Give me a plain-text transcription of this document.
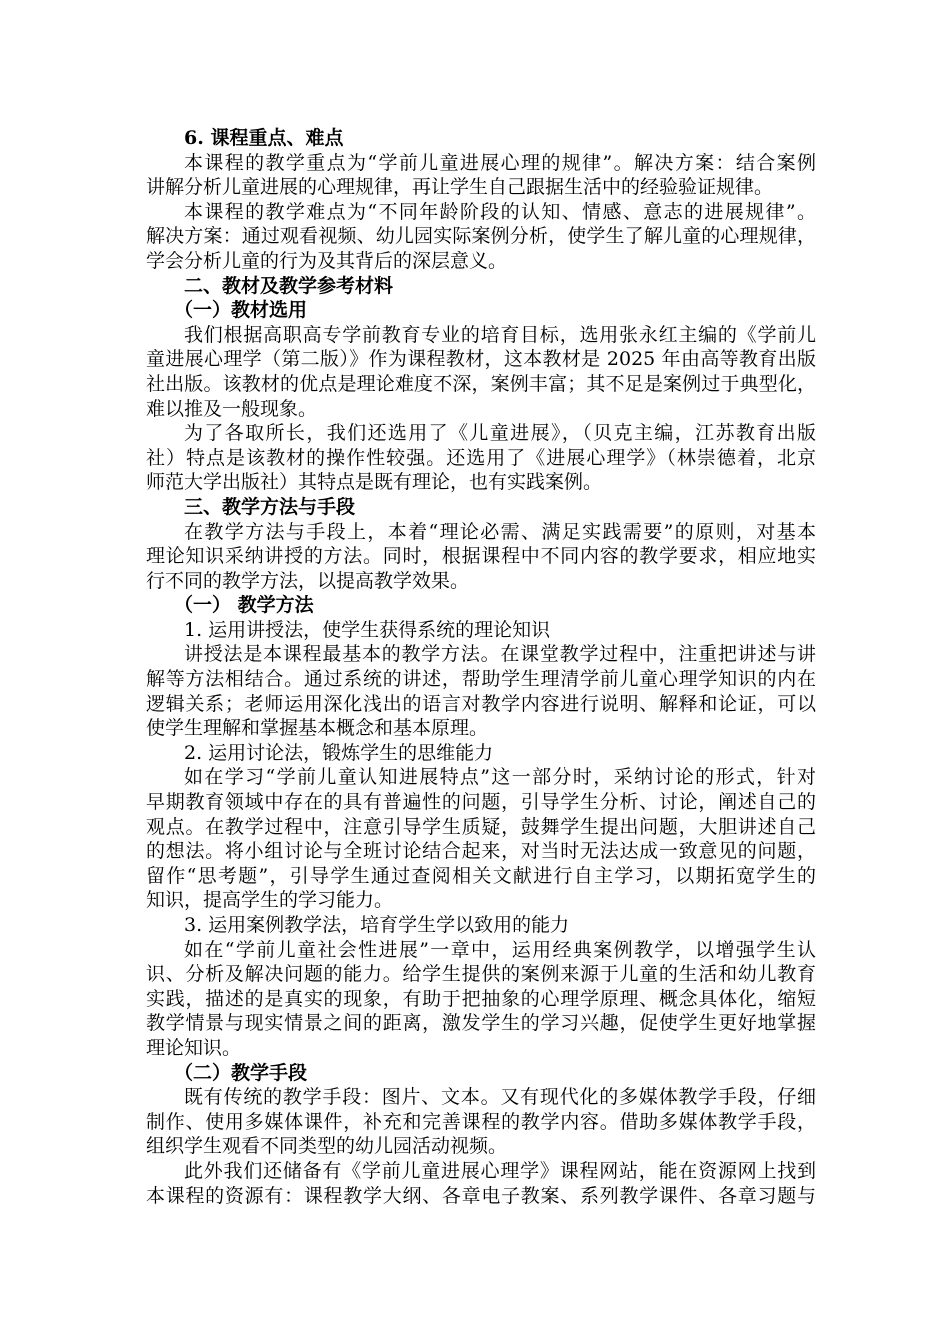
6. 课程重点、难点
本课程的教学重点为“学前儿童进展心理的规律”。解决方案：结合案例
讲解分析儿童进展的心理规律，再让学生自己跟据生活中的经验验证规律。
本课程的教学难点为“不同年龄阶段的认知、情感、意志的进展规律”。
解决方案：通过观看视频、幼儿园实际案例分析，使学生了解儿童的心理规律，
学会分析儿童的行为及其背后的深层意义。
二、教材及教学参考材料
（一）教材选用
我们根据高职高专学前教育专业的培育目标，选用张永红主编的《学前儿
童进展心理学（第二版）》作为课程教材，这本教材是 2025 年由高等教育出版
社出版。该教材的优点是理论难度不深，案例丰富；其不足是案例过于典型化，
难以推及一般现象。
为了各取所长，我们还选用了《儿童进展》，（贝克主编，江苏教育出版
社）特点是该教材的操作性较强。还选用了《进展心理学》（林崇德着，北京
师范大学出版社）其特点是既有理论，也有实践案例。
三、教学方法与手段
在教学方法与手段上，本着“理论必需、满足实践需要”的原则，对基本
理论知识采纳讲授的方法。同时，根据课程中不同内容的教学要求，相应地实
行不同的教学方法，以提高教学效果。
（一） 教学方法
1. 运用讲授法，使学生获得系统的理论知识
讲授法是本课程最基本的教学方法。在课堂教学过程中，注重把讲述与讲
解等方法相结合。通过系统的讲述，帮助学生理清学前儿童心理学知识的内在
逻辑关系；老师运用深化浅出的语言对教学内容进行说明、解释和论证，可以
使学生理解和掌握基本概念和基本原理。
2. 运用讨论法，锻炼学生的思维能力
如在学习“学前儿童认知进展特点”这一部分时，采纳讨论的形式，针对
早期教育领域中存在的具有普遍性的问题，引导学生分析、讨论，阐述自己的
观点。在教学过程中，注意引导学生质疑，鼓舞学生提出问题，大胆讲述自己
的想法。将小组讨论与全班讨论结合起来，对当时无法达成一致意见的问题，
留作“思考题”，引导学生通过查阅相关文献进行自主学习，以期拓宽学生的
知识，提高学生的学习能力。
3. 运用案例教学法，培育学生学以致用的能力
如在“学前儿童社会性进展”一章中，运用经典案例教学，以增强学生认
识、分析及解决问题的能力。给学生提供的案例来源于儿童的生活和幼儿教育
实践，描述的是真实的现象，有助于把抽象的心理学原理、概念具体化，缩短
教学情景与现实情景之间的距离，激发学生的学习兴趣，促使学生更好地掌握
理论知识。
（二）教学手段
既有传统的教学手段：图片、文本。又有现代化的多媒体教学手段，仔细
制作、使用多媒体课件，补充和完善课程的教学内容。借助多媒体教学手段，
组织学生观看不同类型的幼儿园活动视频。
此外我们还储备有《学前儿童进展心理学》课程网站，能在资源网上找到
本课程的资源有：课程教学大纲、各章电子教案、系列教学课件、各章习题与
